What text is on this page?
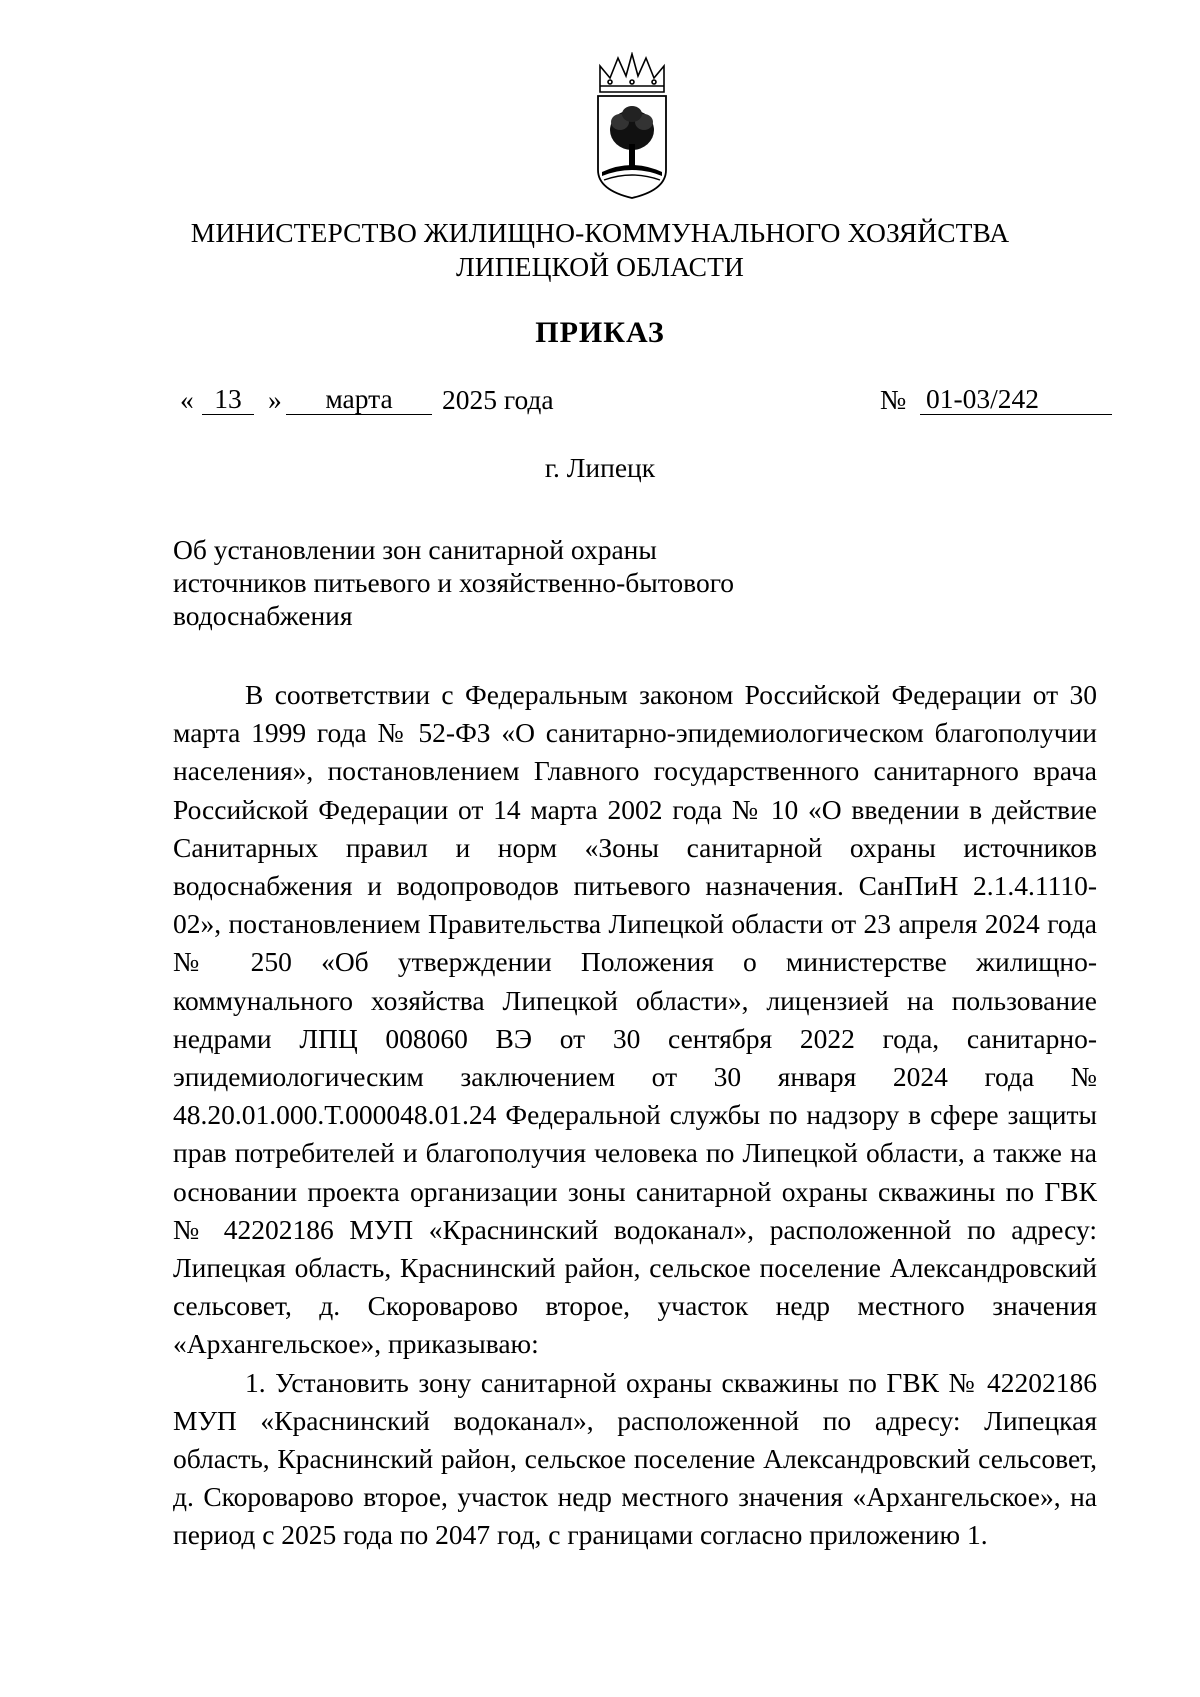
МИНИСТЕРСТВО ЖИЛИЩНО-КОММУНАЛЬНОГО ХОЗЯЙСТВА
ЛИПЕЦКОЙ ОБЛАСТИ
ПРИКАЗ
« 13 »	марта	2025 года	№ 01-03/242
г. Липецк
Об установлении зон санитарной охраны
источников питьевого и хозяйственно-бытового
водоснабжения

В соответствии с Федеральным законом Российской Федерации от 30 марта 1999 года № 52-ФЗ «О санитарно-эпидемиологическом благополучии населения», постановлением Главного государственного санитарного врача Российской Федерации от 14 марта 2002 года № 10 «О введении в действие Санитарных правил и норм «Зоны санитарной охраны источников водоснабжения и водопроводов питьевого назначения. СанПиН 2.1.4.1110-02», постановлением Правительства Липецкой области от 23 апреля 2024 года № 250 «Об утверждении Положения о министерстве жилищно-коммунального хозяйства Липецкой области», лицензией на пользование недрами ЛПЦ 008060 ВЭ от 30 сентября 2022 года, санитарно-эпидемиологическим заключением от 30 января 2024 года № 48.20.01.000.Т.000048.01.24 Федеральной службы по надзору в сфере защиты прав потребителей и благополучия человека по Липецкой области, а также на основании проекта организации зоны санитарной охраны скважины по ГВК № 42202186 МУП «Краснинский водоканал», расположенной по адресу: Липецкая область, Краснинский район, сельское поселение Александровский сельсовет, д. Скороварово второе, участок недр местного значения «Архангельское», приказываю:

1. Установить зону санитарной охраны скважины по ГВК № 42202186 МУП «Краснинский водоканал», расположенной по адресу: Липецкая область, Краснинский район, сельское поселение Александровский сельсовет, д. Скороварово второе, участок недр местного значения «Архангельское», на период с 2025 года по 2047 год, с границами согласно приложению 1.
